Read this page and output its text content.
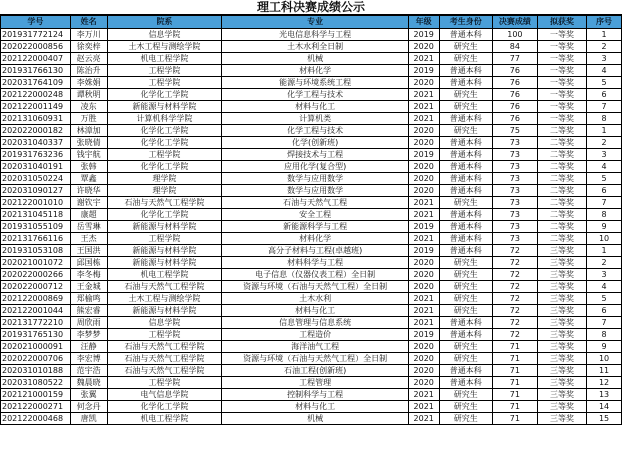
理工科决赛成绩公示
学号	姓名	院系	专业	年级	考生身份	决赛成绩	拟获奖	序号
201931772124	李万川	信息学院	光电信息科学与工程	2019	普通本科	100	一等奖	1
202022000856	徐奕梓	土木工程与测绘学院	土木水利全日制	2020	研究生	84	一等奖	2
202122000407	赵云亮	机电工程学院	机械	2021	研究生	77	一等奖	3
201931766130	陈治升	工程学院	材料化学	2019	普通本科	76	一等奖	4
202031764109	李姝娟	工程学院	能源与环境系统工程	2020	普通本科	76	一等奖	5
202122000248	谭秋明	化学化工学院	化学工程与技术	2021	研究生	76	一等奖	6
202122001149	凌东	新能源与材料学院	材料与化工	2021	研究生	76	一等奖	7
202131060931	万胜	计算机科学学院	计算机类	2021	普通本科	76	一等奖	8
202022000182	林漳加	化学化工学院	化学工程与技术	2020	研究生	75	二等奖	1
202031040337	张晓倩	化学化工学院	化学(创新班)	2020	普通本科	73	二等奖	2
201931763236	钱宇航	工程学院	焊接技术与工程	2019	普通本科	73	二等奖	3
202031040191	张韩	化学化工学院	应用化学(复合型)	2020	普通本科	73	二等奖	4
202031050224	覃鑫	理学院	数学与应用数学	2020	普通本科	73	二等奖	5
202031090127	许晓华	理学院	数学与应用数学	2020	普通本科	73	二等奖	6
202122001010	谢钦宇	石油与天然气工程学院	石油与天然气工程	2021	研究生	73	二等奖	7
202131045118	康超	化学化工学院	安全工程	2021	普通本科	73	二等奖	8
201931055109	岳雪琳	新能源与材料学院	新能源科学与工程	2019	普通本科	73	二等奖	9
202131766116	王杰	工程学院	材料化学	2021	普通本科	73	二等奖	10
201931053108	王国洪	新能源与材料学院	高分子材料与工程(卓越班)	2019	普通本科	72	三等奖	1
202021001072	邱国栋	新能源与材料学院	材料科学与工程	2020	研究生	72	三等奖	2
202022000266	李冬梅	机电工程学院	电子信息（仪器仪表工程）全日制	2020	研究生	72	三等奖	3
202022000712	王金城	石油与天然气工程学院	资源与环境（石油与天然气工程）全日制	2020	研究生	72	三等奖	4
202122000869	郑榆鸣	土木工程与测绘学院	土木水利	2021	研究生	72	三等奖	5
202122001044	熊宏睿	新能源与材料学院	材料与化工	2021	研究生	72	三等奖	6
202131772210	周欣雨	信息学院	信息管理与信息系统	2021	普通本科	72	三等奖	7
201931765130	李梦梦	工程学院	工程造价	2019	普通本科	72	三等奖	8
202021000091	汪静	石油与天然气工程学院	海洋油气工程	2020	研究生	71	三等奖	9
202022000706	李宏博	石油与天然气工程学院	资源与环境（石油与天然气工程）全日制	2020	研究生	71	三等奖	10
202031010188	范宇浩	石油与天然气工程学院	石油工程(创新班)	2020	普通本科	71	三等奖	11
202031080522	魏晨晓	工程学院	工程管理	2020	普通本科	71	三等奖	12
202121000159	张翼	电气信息学院	控制科学与工程	2021	研究生	71	三等奖	13
202122000271	何念丹	化学化工学院	材料与化工	2021	研究生	71	三等奖	14
202122000468	唐凯	机电工程学院	机械	2021	研究生	71	三等奖	15
